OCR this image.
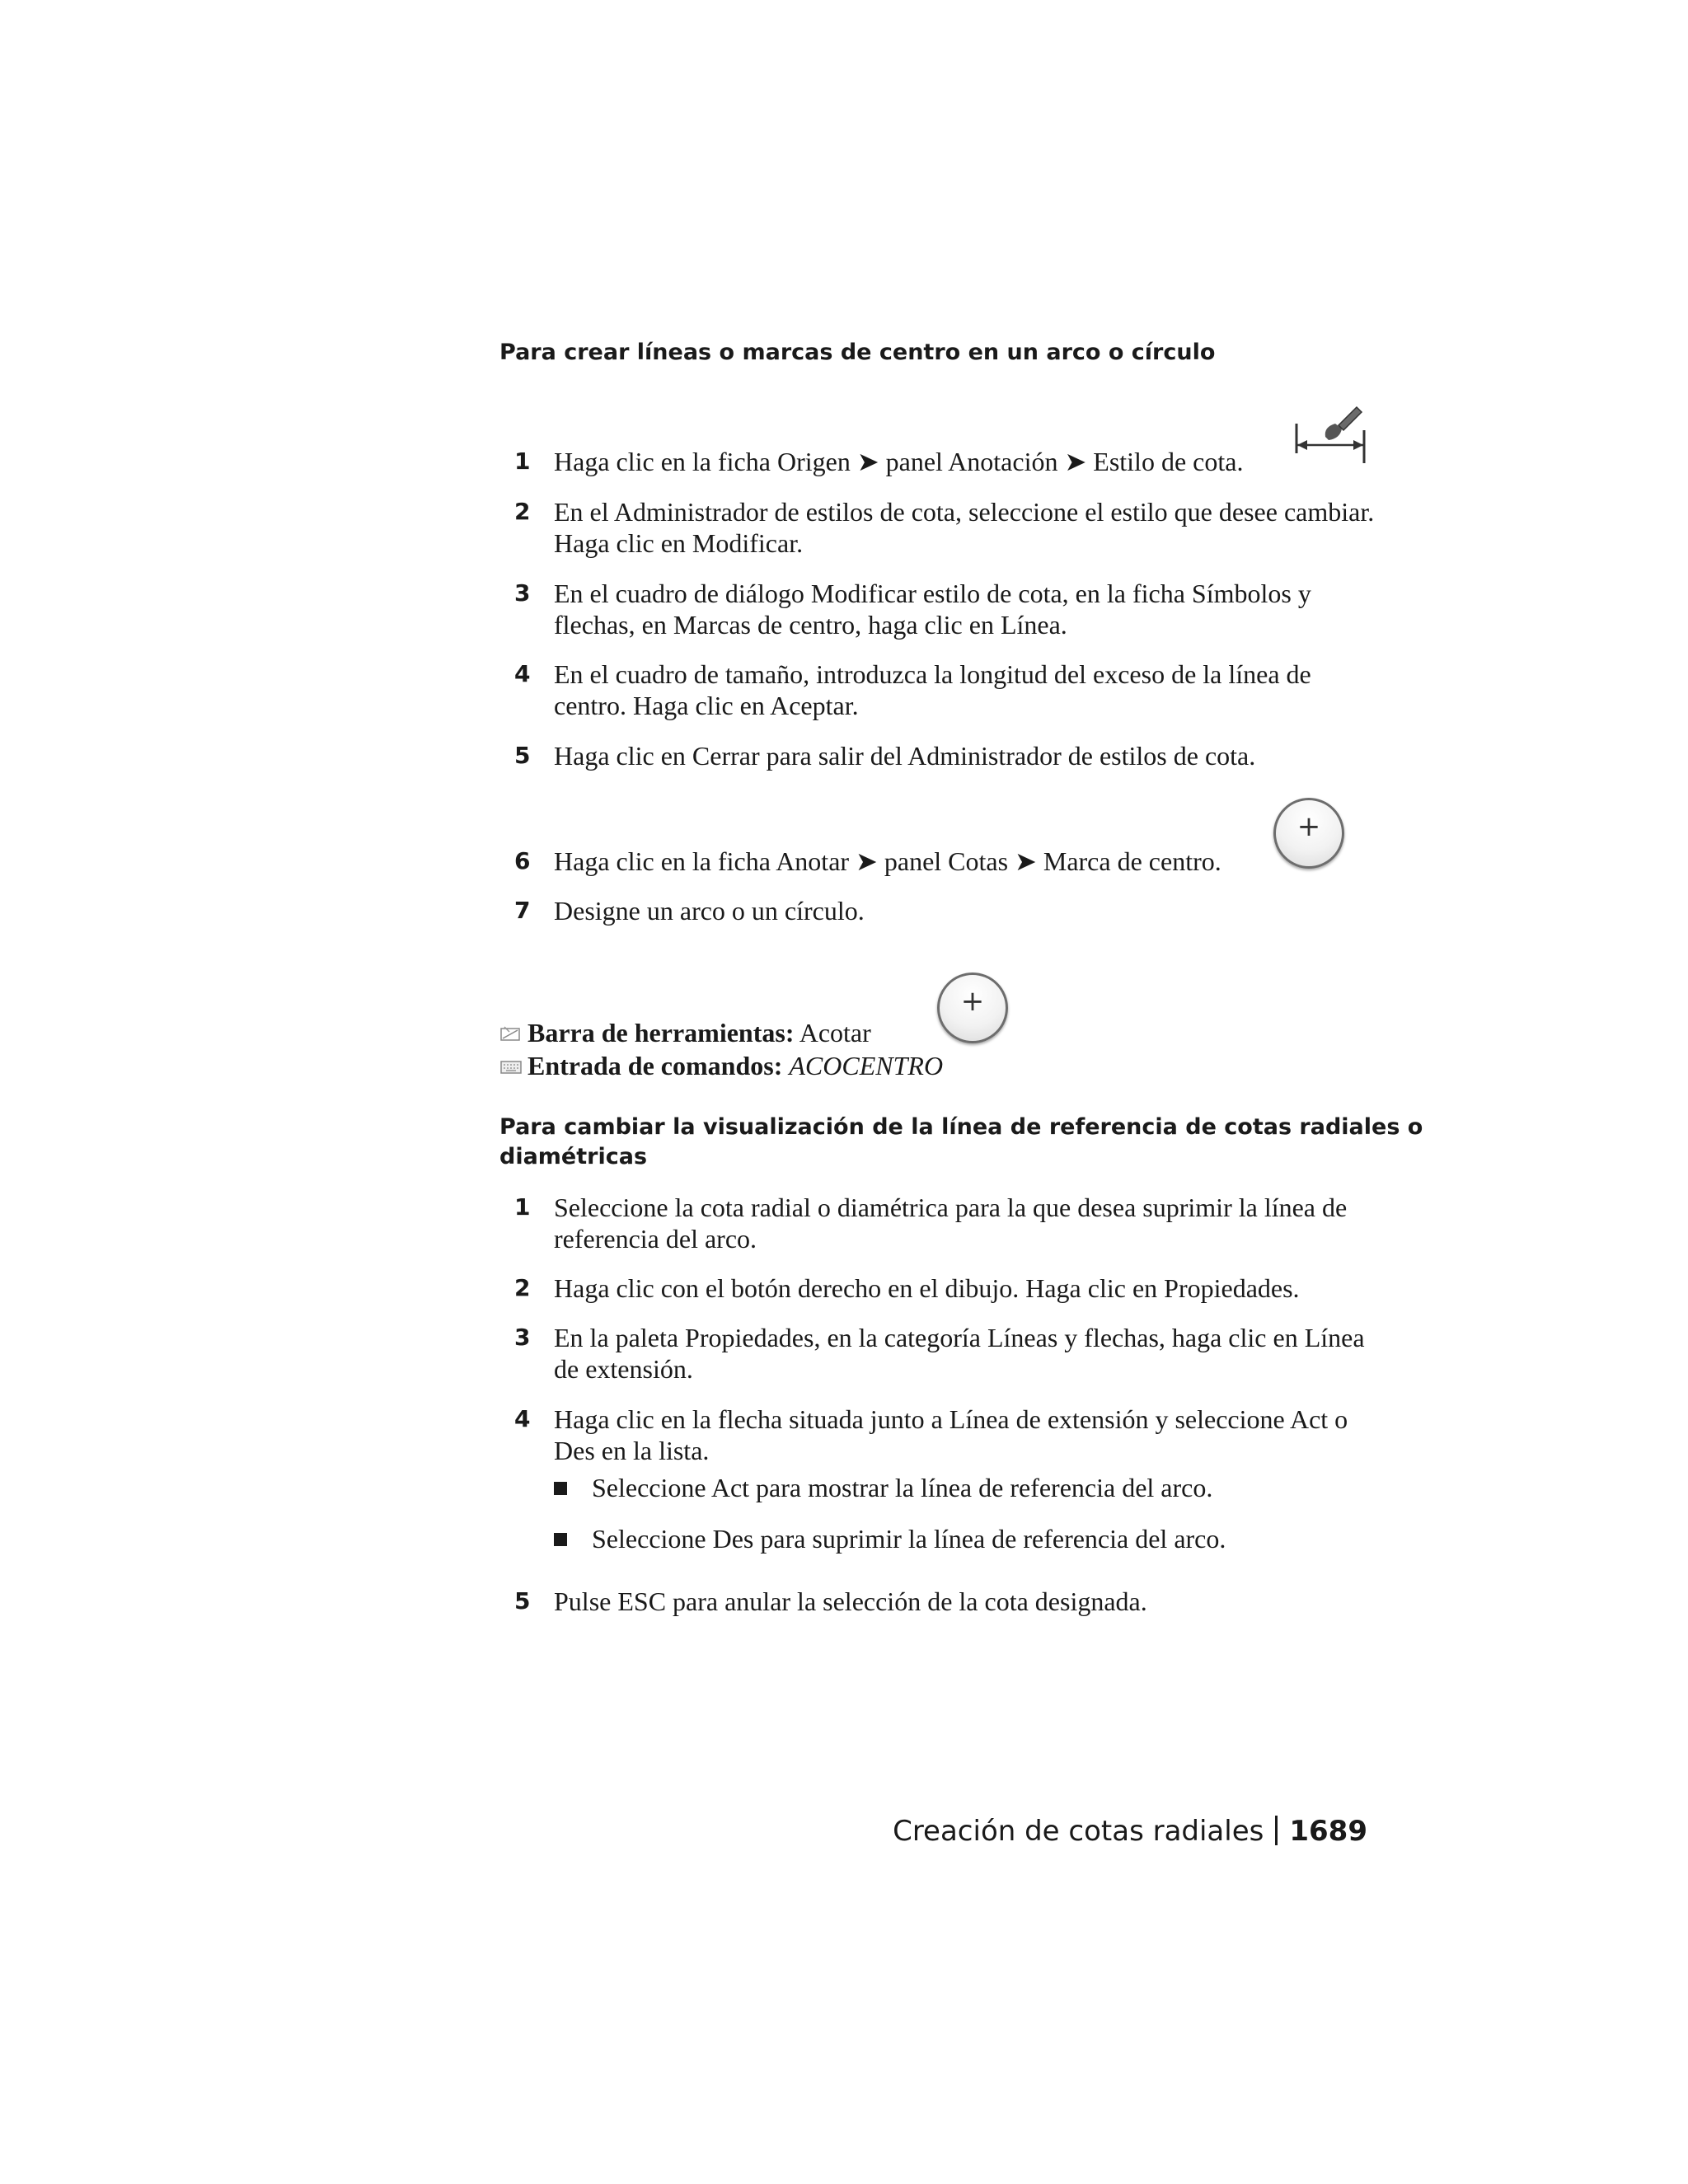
Para crear líneas o marcas de centro en un arco o círculo
1 Haga clic en la ficha Origen ➤ panel Anotación ➤ Estilo de cota.
2 En el Administrador de estilos de cota, seleccione el estilo que desee cambiar. Haga clic en Modificar.
3 En el cuadro de diálogo Modificar estilo de cota, en la ficha Símbolos y flechas, en Marcas de centro, haga clic en Línea.
4 En el cuadro de tamaño, introduzca la longitud del exceso de la línea de centro. Haga clic en Aceptar.
5 Haga clic en Cerrar para salir del Administrador de estilos de cota.
+
6 Haga clic en la ficha Anotar ➤ panel Cotas ➤ Marca de centro.
7 Designe un arco o un círculo.
+
Barra de herramientas: Acotar
Entrada de comandos: ACOCENTRO
Para cambiar la visualización de la línea de referencia de cotas radiales o
diamétricas
1 Seleccione la cota radial o diamétrica para la que desea suprimir la línea de referencia del arco.
2 Haga clic con el botón derecho en el dibujo. Haga clic en Propiedades.
3 En la paleta Propiedades, en la categoría Líneas y flechas, haga clic en Línea de extensión.
4 Haga clic en la flecha situada junto a Línea de extensión y seleccione Act o Des en la lista.
Seleccione Act para mostrar la línea de referencia del arco.
Seleccione Des para suprimir la línea de referencia del arco.
5 Pulse ESC para anular la selección de la cota designada.
Creación de cotas radiales 1689
